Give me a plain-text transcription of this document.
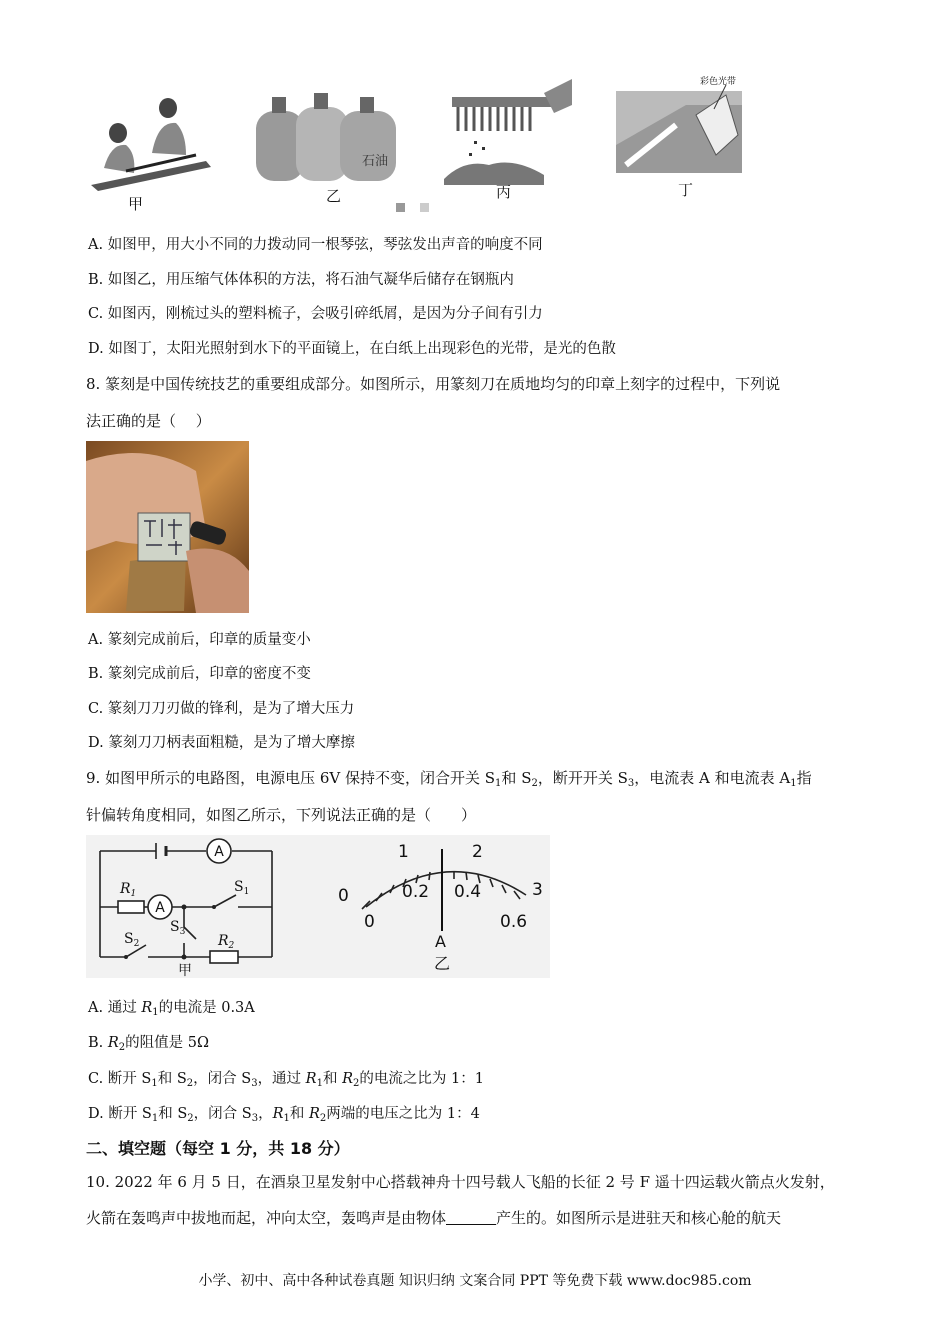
甲
石油
乙	丙
彩色光带
丁
A. 如图甲，用大小不同的力拨动同一根琴弦，琴弦发出声音的响度不同
B. 如图乙，用压缩气体体积的方法，将石油气凝华后储存在钢瓶内
C. 如图丙，刚梳过头的塑料梳子，会吸引碎纸屑，是因为分子间有引力
D. 如图丁，太阳光照射到水下的平面镜上，在白纸上出现彩色的光带，是光的色散
8. 篆刻是中国传统技艺的重要组成部分。如图所示，用篆刻刀在质地均匀的印章上刻字的过程中，下列说
法正确的是（　 ）
A. 篆刻完成前后，印章的质量变小
B. 篆刻完成前后，印章的密度不变
C. 篆刻刀刀刃做的锋利，是为了增大压力
D. 篆刻刀刀柄表面粗糙，是为了增大摩擦
9. 如图甲所示的电路图，电源电压 6V 保持不变，闭合开关 $S_1$和 $S_2$，断开开关 $S_3$，电流表 A 和电流表 $A_1$指
针偏转角度相同，如图乙所示，下列说法正确的是（　　）
A
A
$R_1$
$R_2$
$S_1$
$S_2$
$S_3$
甲
0
1	2
3
0
0.2 0.4
0.6
A
乙
A. 通过 $R_1$的电流是 0.3A
B. $R_2$的阻值是 5Ω
C. 断开 $S_1$和 $S_2$，闭合 $S_3$，通过 $R_1$和 $R_2$的电流之比为 1：1
D. 断开 $S_1$和 $S_2$，闭合 $S_3$，$R_1$和 $R_2$两端的电压之比为 1：4
二、填空题（每空 1 分，共 18 分）
10. 2022 年 6 月 5 日，在酒泉卫星发射中心搭载神舟十四号载人飞船的长征 2 号 F 遥十四运载火箭点火发射，
火箭在轰鸣声中拔地而起，冲向太空，轰鸣声是由物体	产生的。如图所示是进驻天和核心舱的航天
小学、初中、高中各种试卷真题 知识归纳 文案合同 PPT 等免费下载 www.doc985.com
